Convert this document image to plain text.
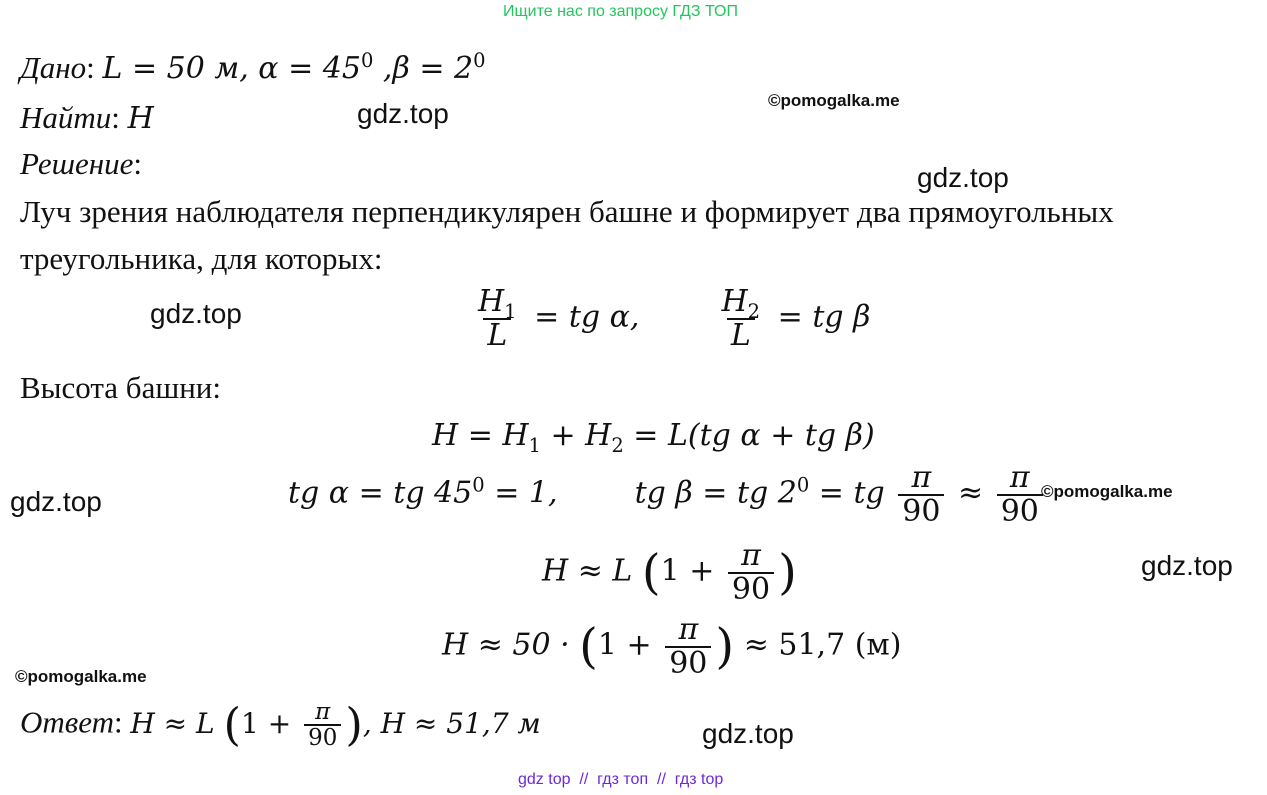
Ищите нас по запросу ГДЗ ТОП
Дано: L = 50 м, $\alpha = 45^0$ $,\beta = 2^0$
Найти: H
Решение:
Луч зрения наблюдателя перпендикулярен башне и формирует два прямоугольных
треугольника, для которых:
$\frac{H_1}{L}$ = tg α,	$\frac{H_2}{L}$ = tg β
Высота башни:
$H = H_1 + H_2 = L(tg$ α + tg β)
tg α = tg $45^0 = 1$,	tg β = tg $2^0$ = tg $\frac{\pi}{90} \approx \frac{\pi}{90}$
H ≈ L ($1 + \frac{\pi}{90}$ )
$H \approx 50 \cdot (1 + \frac{\pi}{90}$ ) ≈ 51,7 (м)
Ответ: H ≈ L ($1 + \frac{\pi}{90}$ ), H ≈ 51,7 м
gdz.top
gdz.top
gdz.top
gdz.top
gdz.top
gdz.top
©pomogalka.me
©pomogalka.me
©pomogalka.me
gdz top  //  гдз топ  //  гдз top
